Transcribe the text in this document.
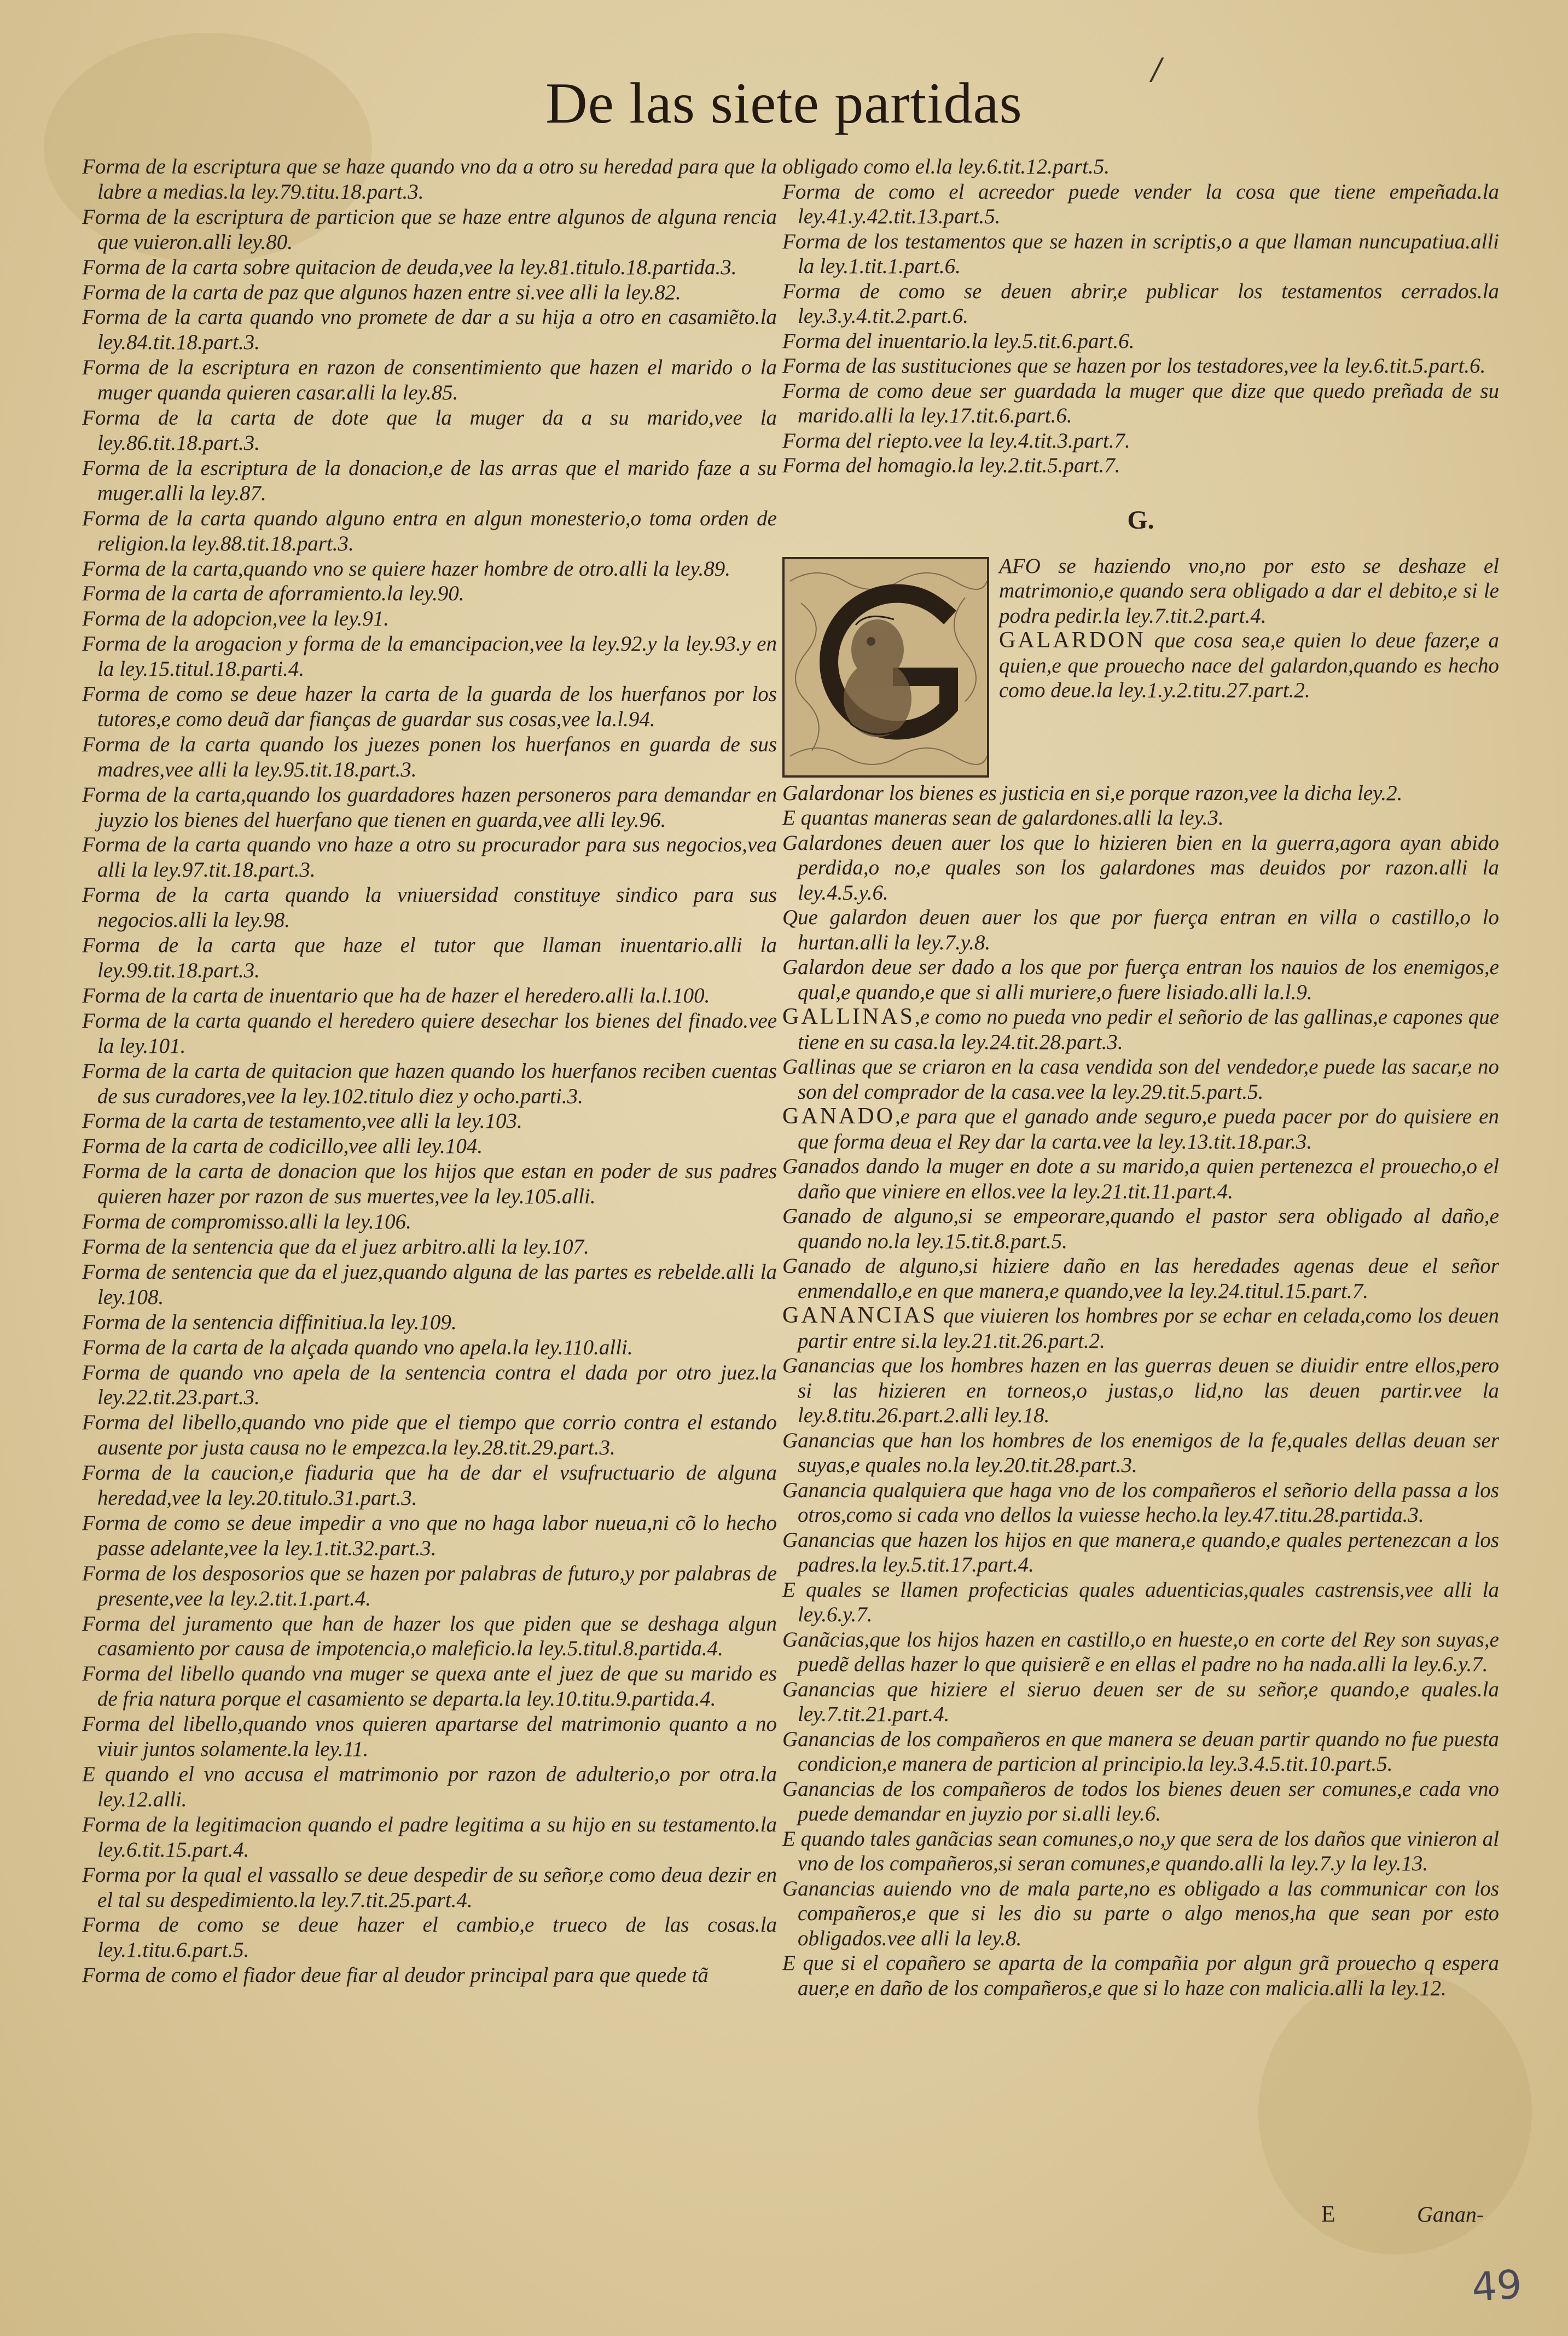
/
De las siete partidas

Forma de la escriptura que se haze quando vno da a otro su heredad para que la labre a medias.la ley.79.titu.18.part.3.

Forma de la escriptura de particion que se haze entre algunos de alguna rencia que vuieron.alli ley.80.

Forma de la carta sobre quitacion de deuda,vee la ley.81.titulo.18.partida.3.

Forma de la carta de paz que algunos hazen entre si.vee alli la ley.82.

Forma de la carta quando vno promete de dar a su hija a otro en casamiẽto.la ley.84.tit.18.part.3.

Forma de la escriptura en razon de consentimiento que hazen el marido o la muger quanda quieren casar.alli la ley.85.

Forma de la carta de dote que la muger da a su marido,vee la ley.86.tit.18.part.3.

Forma de la escriptura de la donacion,e de las arras que el marido faze a su muger.alli la ley.87.

Forma de la carta quando alguno entra en algun monesterio,o toma orden de religion.la ley.88.tit.18.part.3.

Forma de la carta,quando vno se quiere hazer hombre de otro.alli la ley.89.

Forma de la carta de aforramiento.la ley.90.

Forma de la adopcion,vee la ley.91.

Forma de la arogacion y forma de la emancipacion,vee la ley.92.y la ley.93.y en la ley.15.titul.18.parti.4.

Forma de como se deue hazer la carta de la guarda de los huerfanos por los tutores,e como deuã dar fianças de guardar sus cosas,vee la.l.94.

Forma de la carta quando los juezes ponen los huerfanos en guarda de sus madres,vee alli la ley.95.tit.18.part.3.

Forma de la carta,quando los guardadores hazen personeros para demandar en juyzio los bienes del huerfano que tienen en guarda,vee alli ley.96.

Forma de la carta quando vno haze a otro su procurador para sus negocios,vea alli la ley.97.tit.18.part.3.

Forma de la carta quando la vniuersidad constituye sindico para sus negocios.alli la ley.98.

Forma de la carta que haze el tutor que llaman inuentario.alli la ley.99.tit.18.part.3.

Forma de la carta de inuentario que ha de hazer el heredero.alli la.l.100.

Forma de la carta quando el heredero quiere desechar los bienes del finado.vee la ley.101.

Forma de la carta de quitacion que hazen quando los huerfanos reciben cuentas de sus curadores,vee la ley.102.titulo diez y ocho.parti.3.

Forma de la carta de testamento,vee alli la ley.103.

Forma de la carta de codicillo,vee alli ley.104.

Forma de la carta de donacion que los hijos que estan en poder de sus padres quieren hazer por razon de sus muertes,vee la ley.105.alli.

Forma de compromisso.alli la ley.106.

Forma de la sentencia que da el juez arbitro.alli la ley.107.

Forma de sentencia que da el juez,quando alguna de las partes es rebelde.alli la ley.108.

Forma de la sentencia diffinitiua.la ley.109.

Forma de la carta de la alçada quando vno apela.la ley.110.alli.

Forma de quando vno apela de la sentencia contra el dada por otro juez.la ley.22.tit.23.part.3.

Forma del libello,quando vno pide que el tiempo que corrio contra el estando ausente por justa causa no le empezca.la ley.28.tit.29.part.3.

Forma de la caucion,e fiaduria que ha de dar el vsufructuario de alguna heredad,vee la ley.20.titulo.31.part.3.

Forma de como se deue impedir a vno que no haga labor nueua,ni cõ lo hecho passe adelante,vee la ley.1.tit.32.part.3.

Forma de los desposorios que se hazen por palabras de futuro,y por palabras de presente,vee la ley.2.tit.1.part.4.

Forma del juramento que han de hazer los que piden que se deshaga algun casamiento por causa de impotencia,o maleficio.la ley.5.titul.8.partida.4.

Forma del libello quando vna muger se quexa ante el juez de que su marido es de fria natura porque el casamiento se departa.la ley.10.titu.9.partida.4.

Forma del libello,quando vnos quieren apartarse del matrimonio quanto a no viuir juntos solamente.la ley.11.

E quando el vno accusa el matrimonio por razon de adulterio,o por otra.la ley.12.alli.

Forma de la legitimacion quando el padre legitima a su hijo en su testamento.la ley.6.tit.15.part.4.

Forma por la qual el vassallo se deue despedir de su señor,e como deua dezir en el tal su despedimiento.la ley.7.tit.25.part.4.

Forma de como se deue hazer el cambio,e trueco de las cosas.la ley.1.titu.6.part.5.

Forma de como el fiador deue fiar al deudor principal para que quede tã

obligado como el.la ley.6.tit.12.part.5.

Forma de como el acreedor puede vender la cosa que tiene empeñada.la ley.41.y.42.tit.13.part.5.

Forma de los testamentos que se hazen in scriptis,o a que llaman nuncupatiua.alli la ley.1.tit.1.part.6.

Forma de como se deuen abrir,e publicar los testamentos cerrados.la ley.3.y.4.tit.2.part.6.

Forma del inuentario.la ley.5.tit.6.part.6.

Forma de las sustituciones que se hazen por los testadores,vee la ley.6.tit.5.part.6.

Forma de como deue ser guardada la muger que dize que quedo preñada de su marido.alli la ley.17.tit.6.part.6.

Forma del riepto.vee la ley.4.tit.3.part.7.

Forma del homagio.la ley.2.tit.5.part.7.

G.

AFO se haziendo vno,no por esto se deshaze el matrimonio,e quando sera obligado a dar el debito,e si le podra pedir.la ley.7.tit.2.part.4.

GALARDON que cosa sea,e quien lo deue fazer,e a quien,e que prouecho nace del galardon,quando es hecho como deue.la ley.1.y.2.titu.27.part.2.

Galardonar los bienes es justicia en si,e porque razon,vee la dicha ley.2.

E quantas maneras sean de galardones.alli la ley.3.

Galardones deuen auer los que lo hizieren bien en la guerra,agora ayan abido perdida,o no,e quales son los galardones mas deuidos por razon.alli la ley.4.5.y.6.

Que galardon deuen auer los que por fuerça entran en villa o castillo,o lo hurtan.alli la ley.7.y.8.

Galardon deue ser dado a los que por fuerça entran los nauios de los enemigos,e qual,e quando,e que si alli muriere,o fuere lisiado.alli la.l.9.

GALLINAS,e como no pueda vno pedir el señorio de las gallinas,e capones que tiene en su casa.la ley.24.tit.28.part.3.

Gallinas que se criaron en la casa vendida son del vendedor,e puede las sacar,e no son del comprador de la casa.vee la ley.29.tit.5.part.5.

GANADO,e para que el ganado ande seguro,e pueda pacer por do quisiere en que forma deua el Rey dar la carta.vee la ley.13.tit.18.par.3.

Ganados dando la muger en dote a su marido,a quien pertenezca el prouecho,o el daño que viniere en ellos.vee la ley.21.tit.11.part.4.

Ganado de alguno,si se empeorare,quando el pastor sera obligado al daño,e quando no.la ley.15.tit.8.part.5.

Ganado de alguno,si hiziere daño en las heredades agenas deue el señor enmendallo,e en que manera,e quando,vee la ley.24.titul.15.part.7.

GANANCIAS que viuieren los hombres por se echar en celada,como los deuen partir entre si.la ley.21.tit.26.part.2.

Ganancias que los hombres hazen en las guerras deuen se diuidir entre ellos,pero si las hizieren en torneos,o justas,o lid,no las deuen partir.vee la ley.8.titu.26.part.2.alli ley.18.

Ganancias que han los hombres de los enemigos de la fe,quales dellas deuan ser suyas,e quales no.la ley.20.tit.28.part.3.

Ganancia qualquiera que haga vno de los compañeros el señorio della passa a los otros,como si cada vno dellos la vuiesse hecho.la ley.47.titu.28.partida.3.

Ganancias que hazen los hijos en que manera,e quando,e quales pertenezcan a los padres.la ley.5.tit.17.part.4.

E quales se llamen profecticias quales aduenticias,quales castrensis,vee alli la ley.6.y.7.

Ganãcias,que los hijos hazen en castillo,o en hueste,o en corte del Rey son suyas,e puedẽ dellas hazer lo que quisierẽ e en ellas el padre no ha nada.alli la ley.6.y.7.

Ganancias que hiziere el sieruo deuen ser de su señor,e quando,e quales.la ley.7.tit.21.part.4.

Ganancias de los compañeros en que manera se deuan partir quando no fue puesta condicion,e manera de particion al principio.la ley.3.4.5.tit.10.part.5.

Ganancias de los compañeros de todos los bienes deuen ser comunes,e cada vno puede demandar en juyzio por si.alli ley.6.

E quando tales ganãcias sean comunes,o no,y que sera de los daños que vinieron al vno de los compañeros,si seran comunes,e quando.alli la ley.7.y la ley.13.

Ganancias auiendo vno de mala parte,no es obligado a las communicar con los compañeros,e que si les dio su parte o algo menos,ha que sean por esto obligados.vee alli la ley.8.

E que si el copañero se aparta de la compañia por algun grã prouecho q espera auer,e en daño de los compañeros,e que si lo haze con malicia.alli la ley.12.

E	Ganan-
49
